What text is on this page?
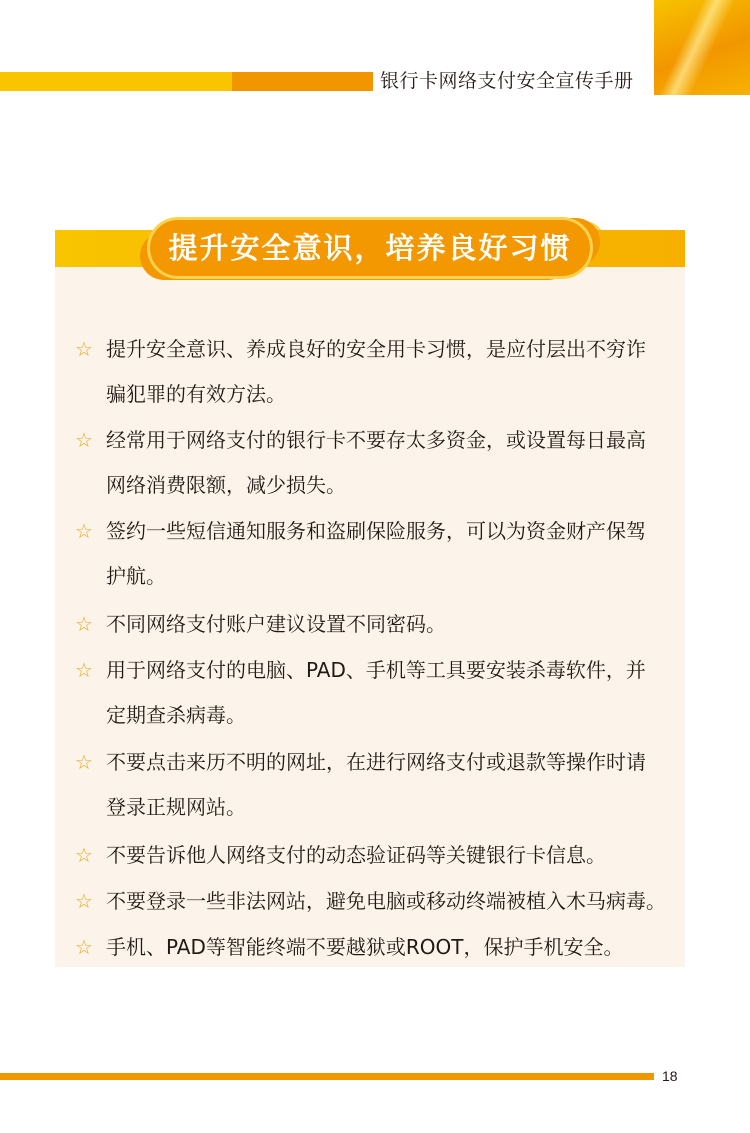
银行卡网络支付安全宣传手册
提升安全意识，培养良好习惯
☆ 提升安全意识、养成良好的安全用卡习惯，是应付层出不穷诈
骗犯罪的有效方法。
☆ 经常用于网络支付的银行卡不要存太多资金，或设置每日最高
网络消费限额，减少损失。
☆ 签约一些短信通知服务和盗刷保险服务，可以为资金财产保驾
护航。
☆ 不同网络支付账户建议设置不同密码。
☆ 用于网络支付的电脑、PAD、手机等工具要安装杀毒软件，并
定期查杀病毒。
☆ 不要点击来历不明的网址，在进行网络支付或退款等操作时请
登录正规网站。
☆ 不要告诉他人网络支付的动态验证码等关键银行卡信息。
☆ 不要登录一些非法网站，避免电脑或移动终端被植入木马病毒。
☆ 手机、PAD等智能终端不要越狱或ROOT，保护手机安全。
18
